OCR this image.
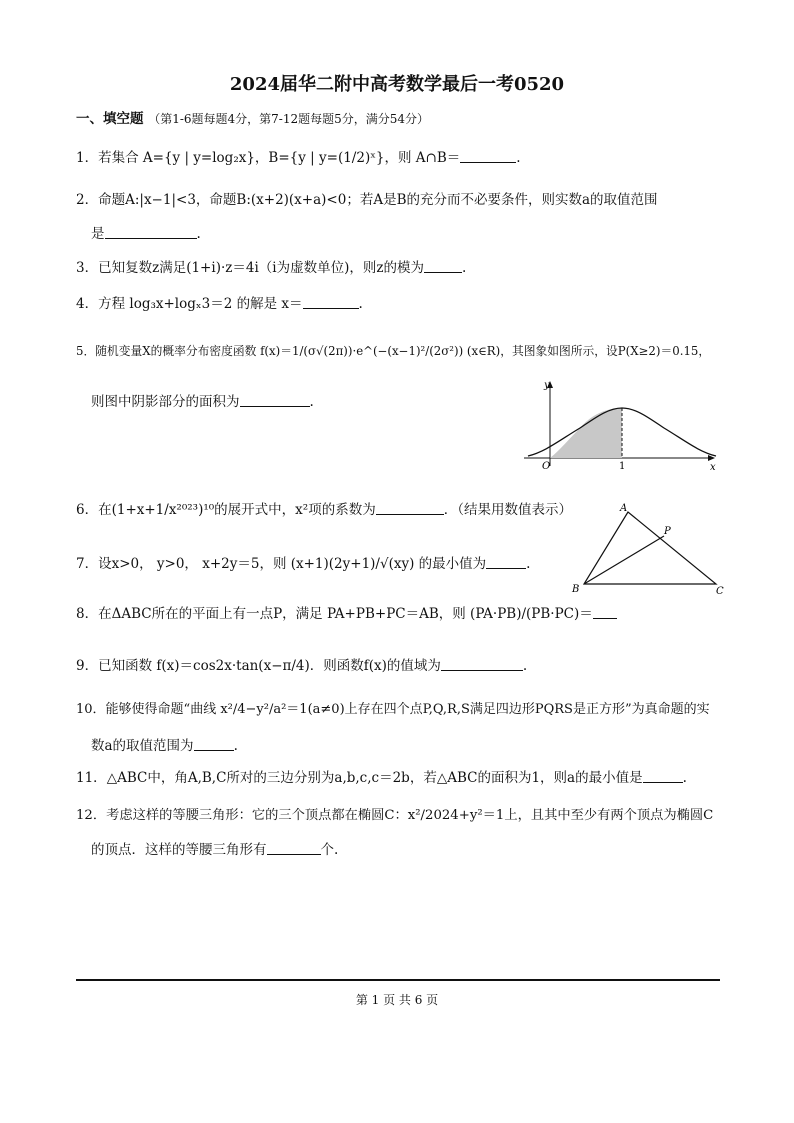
2024届华二附中高考数学最后一考0520
一、填空题 （第1-6题每题4分，第7-12题每题5分，满分54分）
1．若集合 A={y | y=log₂x}，B={y | y=(1/2)ˣ}，则 A∩B＝	.
2．命题A:|x−1|<3，命题B:(x+2)(x+a)<0；若A是B的充分而不必要条件，则实数a的取值范围
是	.
3．已知复数z满足(1+i)·z＝4i（i为虚数单位)，则z的模为	.
4．方程 log₃x+logₓ3＝2 的解是 x＝	.
5．随机变量X的概率分布密度函数 f(x)＝1/(σ√(2π))·e^(−(x−1)²/(2σ²)) (x∈R)，其图象如图所示，设P(X≥2)＝0.15，
则图中阴影部分的面积为	.
y
x
O	1
6．在(1+x+1/x²⁰²³)¹⁰的展开式中，x²项的系数为	．（结果用数值表示）	A
B	C
P
7．设x>0， y>0， x+2y＝5，则 (x+1)(2y+1)/√(xy) 的最小值为	.
8．在ΔABC所在的平面上有一点P，满足 PA+PB+PC＝AB，则 (PA·PB)/(PB·PC)＝
9．已知函数 f(x)＝cos2x·tan(x−π/4)．则函数f(x)的值域为	.
10．能够使得命题“曲线 x²/4−y²/a²＝1(a≠0)上存在四个点P,Q,R,S满足四边形PQRS是正方形”为真命题的实
数a的取值范围为	.
11．△ABC中，角A,B,C所对的三边分别为a,b,c,c＝2b，若△ABC的面积为1，则a的最小值是	.
12．考虑这样的等腰三角形：它的三个顶点都在椭圆C：x²/2024+y²＝1上，且其中至少有两个顶点为椭圆C
的顶点．这样的等腰三角形有	个.
第 1 页 共 6 页
